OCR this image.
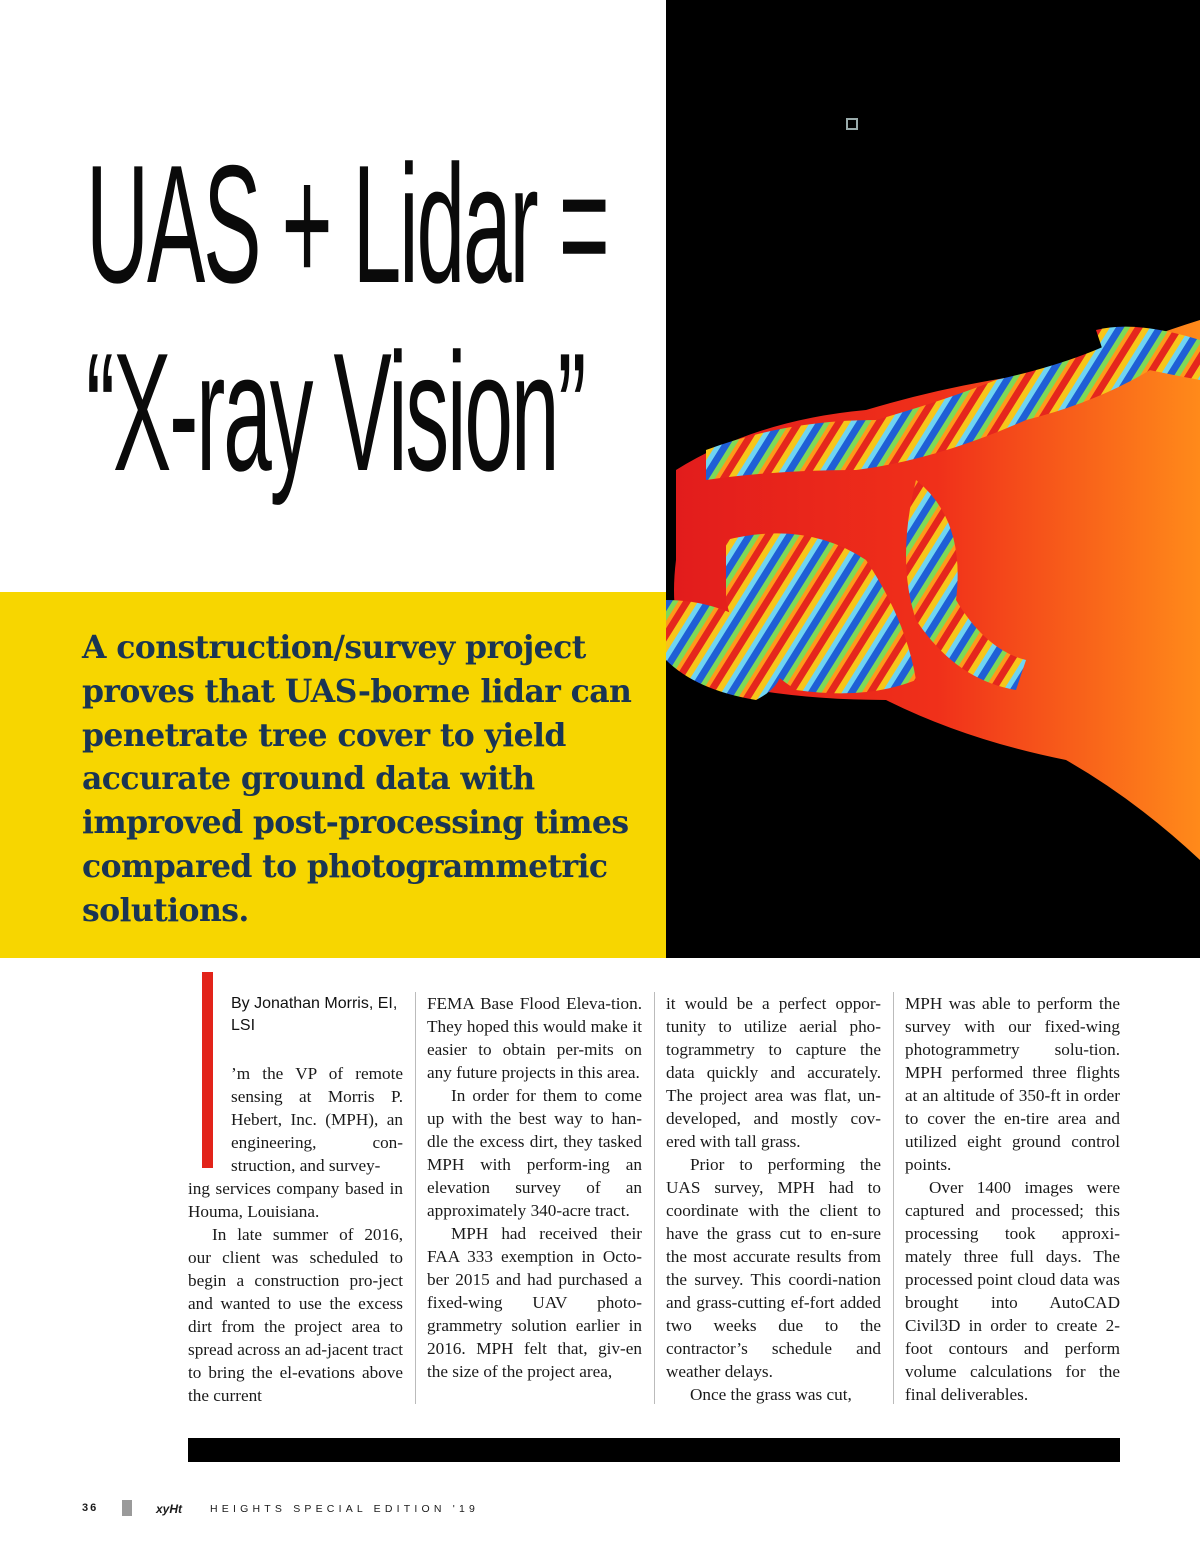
UAS + Lidar =
“X-ray Vision”

A construction/survey project proves that UAS-borne lidar can penetrate tree cover to yield accurate ground data with improved post-processing times compared to photogrammetric solutions.

By Jonathan Morris, EI, LSI

’m the VP of remote sensing at Morris P. Hebert, Inc. (MPH), an engineering, con-struction, and survey-

ing services company based in Houma, Louisiana.

In late summer of 2016, our client was scheduled to begin a construction pro-ject and wanted to use the excess dirt from the project area to spread across an ad-jacent tract to bring the el-evations above the current

FEMA Base Flood Eleva-tion. They hoped this would make it easier to obtain per-mits on any future projects in this area.

In order for them to come up with the best way to han-dle the excess dirt, they tasked MPH with perform-ing an elevation survey of an approximately 340-acre tract.

MPH had received their FAA 333 exemption in Octo-ber 2015 and had purchased a fixed-wing UAV photo-grammetry solution earlier in 2016. MPH felt that, giv-en the size of the project area,

it would be a perfect oppor-tunity to utilize aerial pho-togrammetry to capture the data quickly and accurately. The project area was flat, un-developed, and mostly cov-ered with tall grass.

Prior to performing the UAS survey, MPH had to coordinate with the client to have the grass cut to en-sure the most accurate results from the survey. This coordi-nation and grass-cutting ef-fort added two weeks due to the contractor’s schedule and weather delays.

Once the grass was cut,

MPH was able to perform the survey with our fixed-wing photogrammetry solu-tion. MPH performed three flights at an altitude of 350-ft in order to cover the en-tire area and utilized eight ground control points.

Over 1400 images were captured and processed; this processing took approxi-mately three full days. The processed point cloud data was brought into AutoCAD Civil3D in order to create 2-foot contours and perform volume calculations for the final deliverables.

36	xyHt	HEIGHTS SPECIAL EDITION '19
